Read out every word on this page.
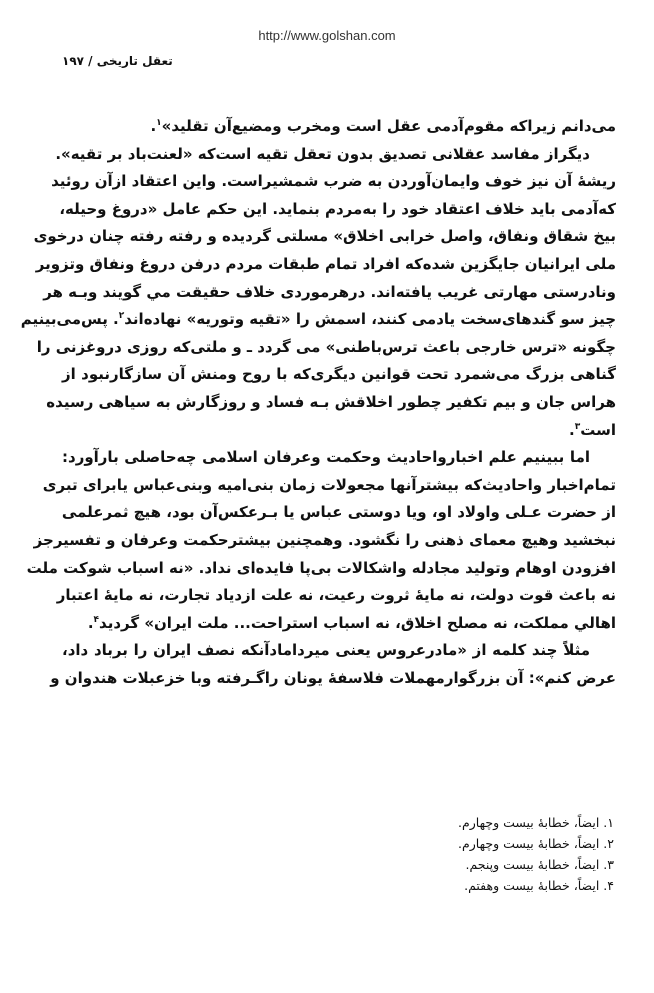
http://www.golshan.com
تعقل تاریخی / ۱۹۷
می‌دانم زیراکه مقوم‌آدمی عقل است ومخرب ومضیع‌آن تقلید»$^۱$.
دیگراز مفاسد عقلانی تصدیق بدون تعقل تقیه است‌که «لعنت‌باد بر تقیه».
ریشهٔ آن نیز خوف وایمان‌آوردن به ضرب شمشیراست. واین اعتقاد ازآن روئید
که‌آدمی باید خلاف اعتقاد خود را به‌مردم بنماید. این حکم عامل «دروغ وحیله،
بیخ شقاق ونفاق، واصل خرابی اخلاق» مسلتی گردیده و رفته رفته چنان درخوی
ملی ایرانیان جایگزین شده‌که افراد تمام طبقات مردم درفن دروغ ونفاق وتزویر
ونادرستی مهارتی غریب یافته‌اند. درهرموردی خلاف حقیقت مي گویند وبـه هر
چیز سو گندهای‌سخت یادمی کنند، اسمش را «تقیه وتوریه» نهاده‌اند$^۲$. پس‌می‌بینیم
چگونه «ترس خارجی باعث ترس‌باطنی» می گردد ـ و ملتی‌که روزی دروغزنی را
گناهی بزرگ می‌شمرد تحت قوانین دیگری‌که با روح ومنش آن سازگارنبود از
هراس جان و بیم تکفیر چطور اخلاقش بـه فساد و روزگارش به سیاهی رسیده
است$^۳$.
اما ببینیم علم اخبارواحادیث وحکمت وعرفان اسلامی چه‌حاصلی بارآورد:
تمام‌اخبار واحادیث‌که بیشترآنها مجعولات زمان بنی‌امیه وبنی‌عباس یابرای تبری
از حضرت عـلی واولاد او، ویا دوستی عباس یا بـرعکس‌آن بود، هیچ ثمرعلمی
نبخشید وهیچ معمای ذهنی را نگشود. وهمچنین بیشترحکمت وعرفان و تفسیرجز
افزودن اوهام وتولید مجادله واشکالات بی‌پا فایده‌ای نداد. «نه اسباب شوکت ملت
نه باعث قوت دولت، نه مایهٔ ثروت رعیت، نه علت ازدیاد تجارت، نه مایهٔ اعتبار
اهالي مملکت، نه مصلح اخلاق، نه اسباب استراحت... ملت ایران» گردید$^۴$.
مثلاً چند کلمه از «مادرعروس یعنی میردامادآنکه نصف ایران را برباد داد،
عرض کنم»: آن بزرگوارمهملات فلاسفهٔ یونان راگـرفته وبا خزعبلات هندوان و
۱. ایضاً، خطابهٔ بیست وچهارم.
۲. ایضاً، خطابهٔ بیست وچهارم.
۳. ایضاً، خطابهٔ بیست وپنجم.
۴. ایضاً، خطابهٔ بیست وهفتم.
